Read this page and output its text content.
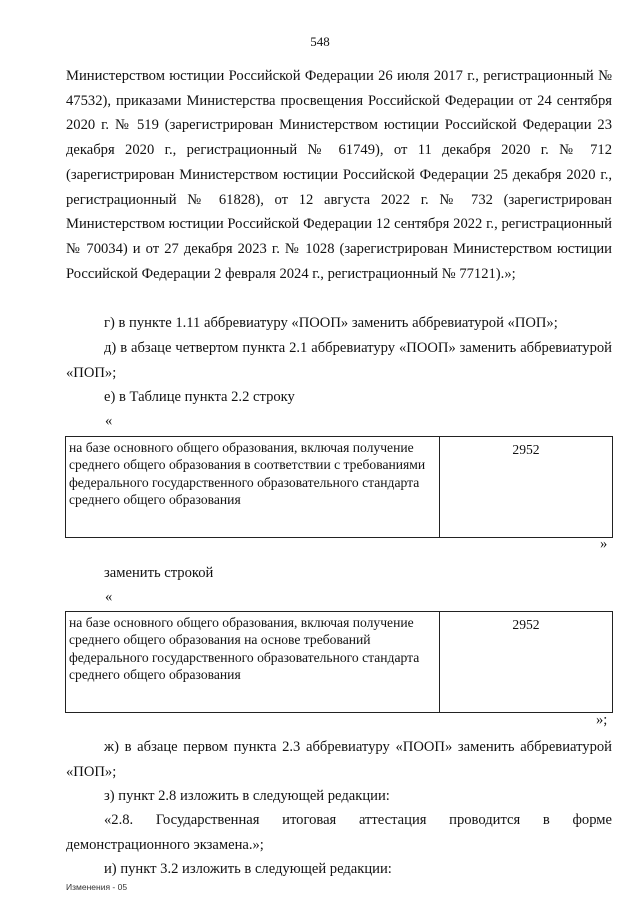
548

Министерством юстиции Российской Федерации 26 июля 2017 г., регистрационный № 47532), приказами Министерства просвещения Российской Федерации от 24 сентября 2020 г. № 519 (зарегистрирован Министерством юстиции Российской Федерации 23 декабря 2020 г., регистрационный № 61749), от 11 декабря 2020 г. № 712 (зарегистрирован Министерством юстиции Российской Федерации 25 декабря 2020 г., регистрационный № 61828), от 12 августа 2022 г. № 732 (зарегистрирован Министерством юстиции Российской Федерации 12 сентября 2022 г., регистрационный № 70034) и от 27 декабря 2023 г. № 1028 (зарегистрирован Министерством юстиции Российской Федерации 2 февраля 2024 г., регистрационный № 77121).»;

г) в пункте 1.11 аббревиатуру «ПООП» заменить аббревиатурой «ПОП»;

д) в абзаце четвертом пункта 2.1 аббревиатуру «ПООП» заменить аббревиатурой «ПОП»;

е) в Таблице пункта 2.2 строку

«
на базе основного общего образования, включая получение среднего общего образования в соответствии с требованиями федерального государственного образовательного стандарта среднего общего образования	2952
»

заменить строкой

«
на базе основного общего образования, включая получение среднего общего образования на основе требований федерального государственного образовательного стандарта среднего общего образования	2952
»;

ж) в абзаце первом пункта 2.3 аббревиатуру «ПООП» заменить аббревиатурой «ПОП»;

з) пункт 2.8 изложить в следующей редакции:

«2.8. Государственная итоговая аттестация проводится в форме демонстрационного экзамена.»;

и) пункт 3.2 изложить в следующей редакции:

Изменения - 05
